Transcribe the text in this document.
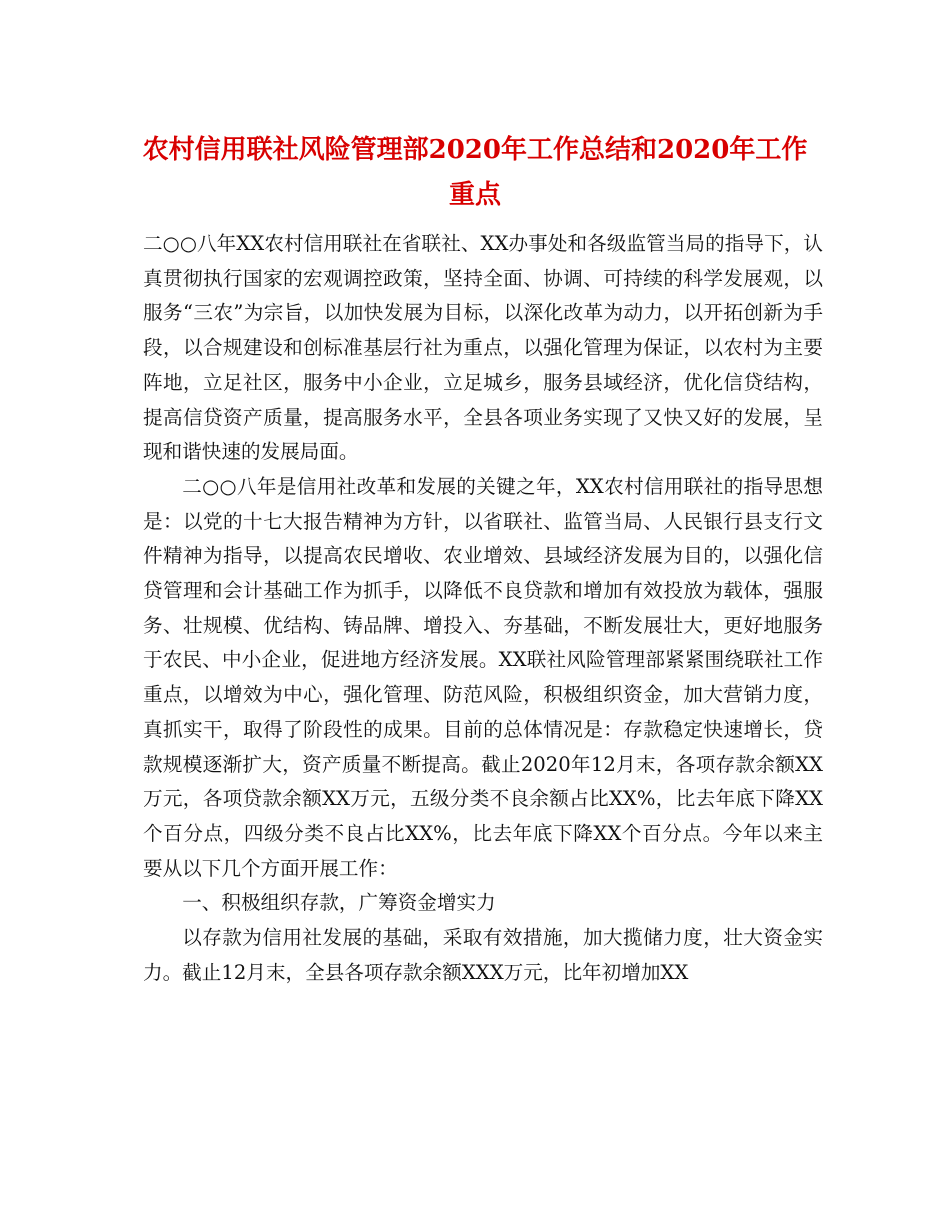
农村信用联社风险管理部2020年工作总结和2020年工作重点

二○○八年XX农村信用联社在省联社、XX办事处和各级监管当局的指导下，认真贯彻执行国家的宏观调控政策，坚持全面、协调、可持续的科学发展观，以服务“三农”为宗旨，以加快发展为目标，以深化改革为动力，以开拓创新为手段，以合规建设和创标准基层行社为重点，以强化管理为保证，以农村为主要阵地，立足社区，服务中小企业，立足城乡，服务县域经济，优化信贷结构，提高信贷资产质量，提高服务水平，全县各项业务实现了又快又好的发展，呈现和谐快速的发展局面。

二○○八年是信用社改革和发展的关键之年，XX农村信用联社的指导思想是：以党的十七大报告精神为方针，以省联社、监管当局、人民银行县支行文件精神为指导，以提高农民增收、农业增效、县域经济发展为目的，以强化信贷管理和会计基础工作为抓手，以降低不良贷款和增加有效投放为载体，强服务、壮规模、优结构、铸品牌、增投入、夯基础，不断发展壮大，更好地服务于农民、中小企业，促进地方经济发展。XX联社风险管理部紧紧围绕联社工作重点，以增效为中心，强化管理、防范风险，积极组织资金，加大营销力度，真抓实干，取得了阶段性的成果。目前的总体情况是：存款稳定快速增长，贷款规模逐渐扩大，资产质量不断提高。截止2020年12月末，各项存款余额XX万元，各项贷款余额XX万元，五级分类不良余额占比XX%，比去年底下降XX个百分点，四级分类不良占比XX%，比去年底下降XX个百分点。今年以来主要从以下几个方面开展工作：

一、积极组织存款，广筹资金增实力

以存款为信用社发展的基础，采取有效措施，加大揽储力度，壮大资金实力。截止12月末，全县各项存款余额XXX万元，比年初增加XX
